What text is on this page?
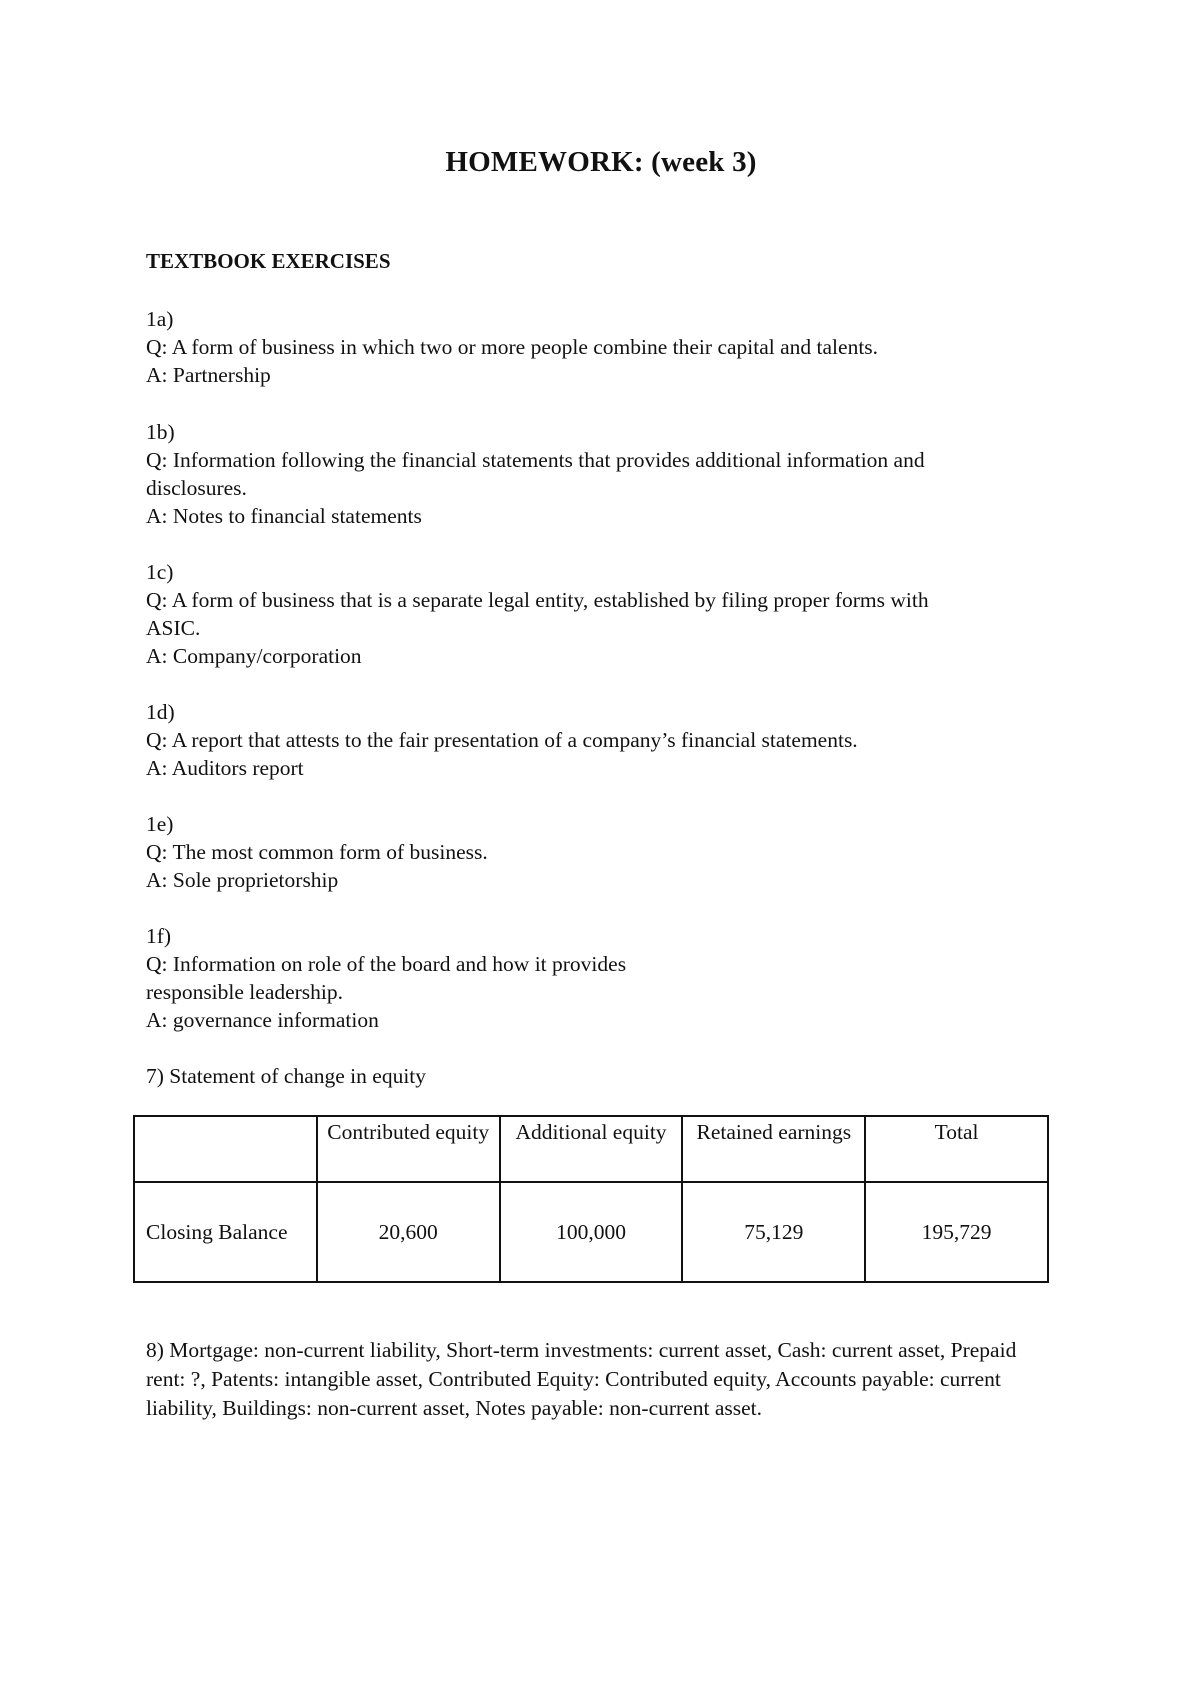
HOMEWORK: (week 3)
TEXTBOOK EXERCISES
1a)
Q: A form of business in which two or more people combine their capital and talents.
A: Partnership
1b)
Q: Information following the financial statements that provides additional information and
disclosures.
A: Notes to financial statements
1c)
Q: A form of business that is a separate legal entity, established by filing proper forms with
ASIC.
A: Company/corporation
1d)
Q: A report that attests to the fair presentation of a company’s financial statements.
A: Auditors report
1e)
Q: The most common form of business.
A: Sole proprietorship
1f)
Q: Information on role of the board and how it provides
responsible leadership.
A: governance information
7) Statement of change in equity
	Contributed equity	Additional equity	Retained earnings	Total
Closing Balance	20,600	100,000	75,129	195,729
8) Mortgage: non-current liability, Short-term investments: current asset, Cash: current asset, Prepaid rent: ?, Patents: intangible asset, Contributed Equity: Contributed equity, Accounts payable: current liability, Buildings: non-current asset, Notes payable: non-current asset.
